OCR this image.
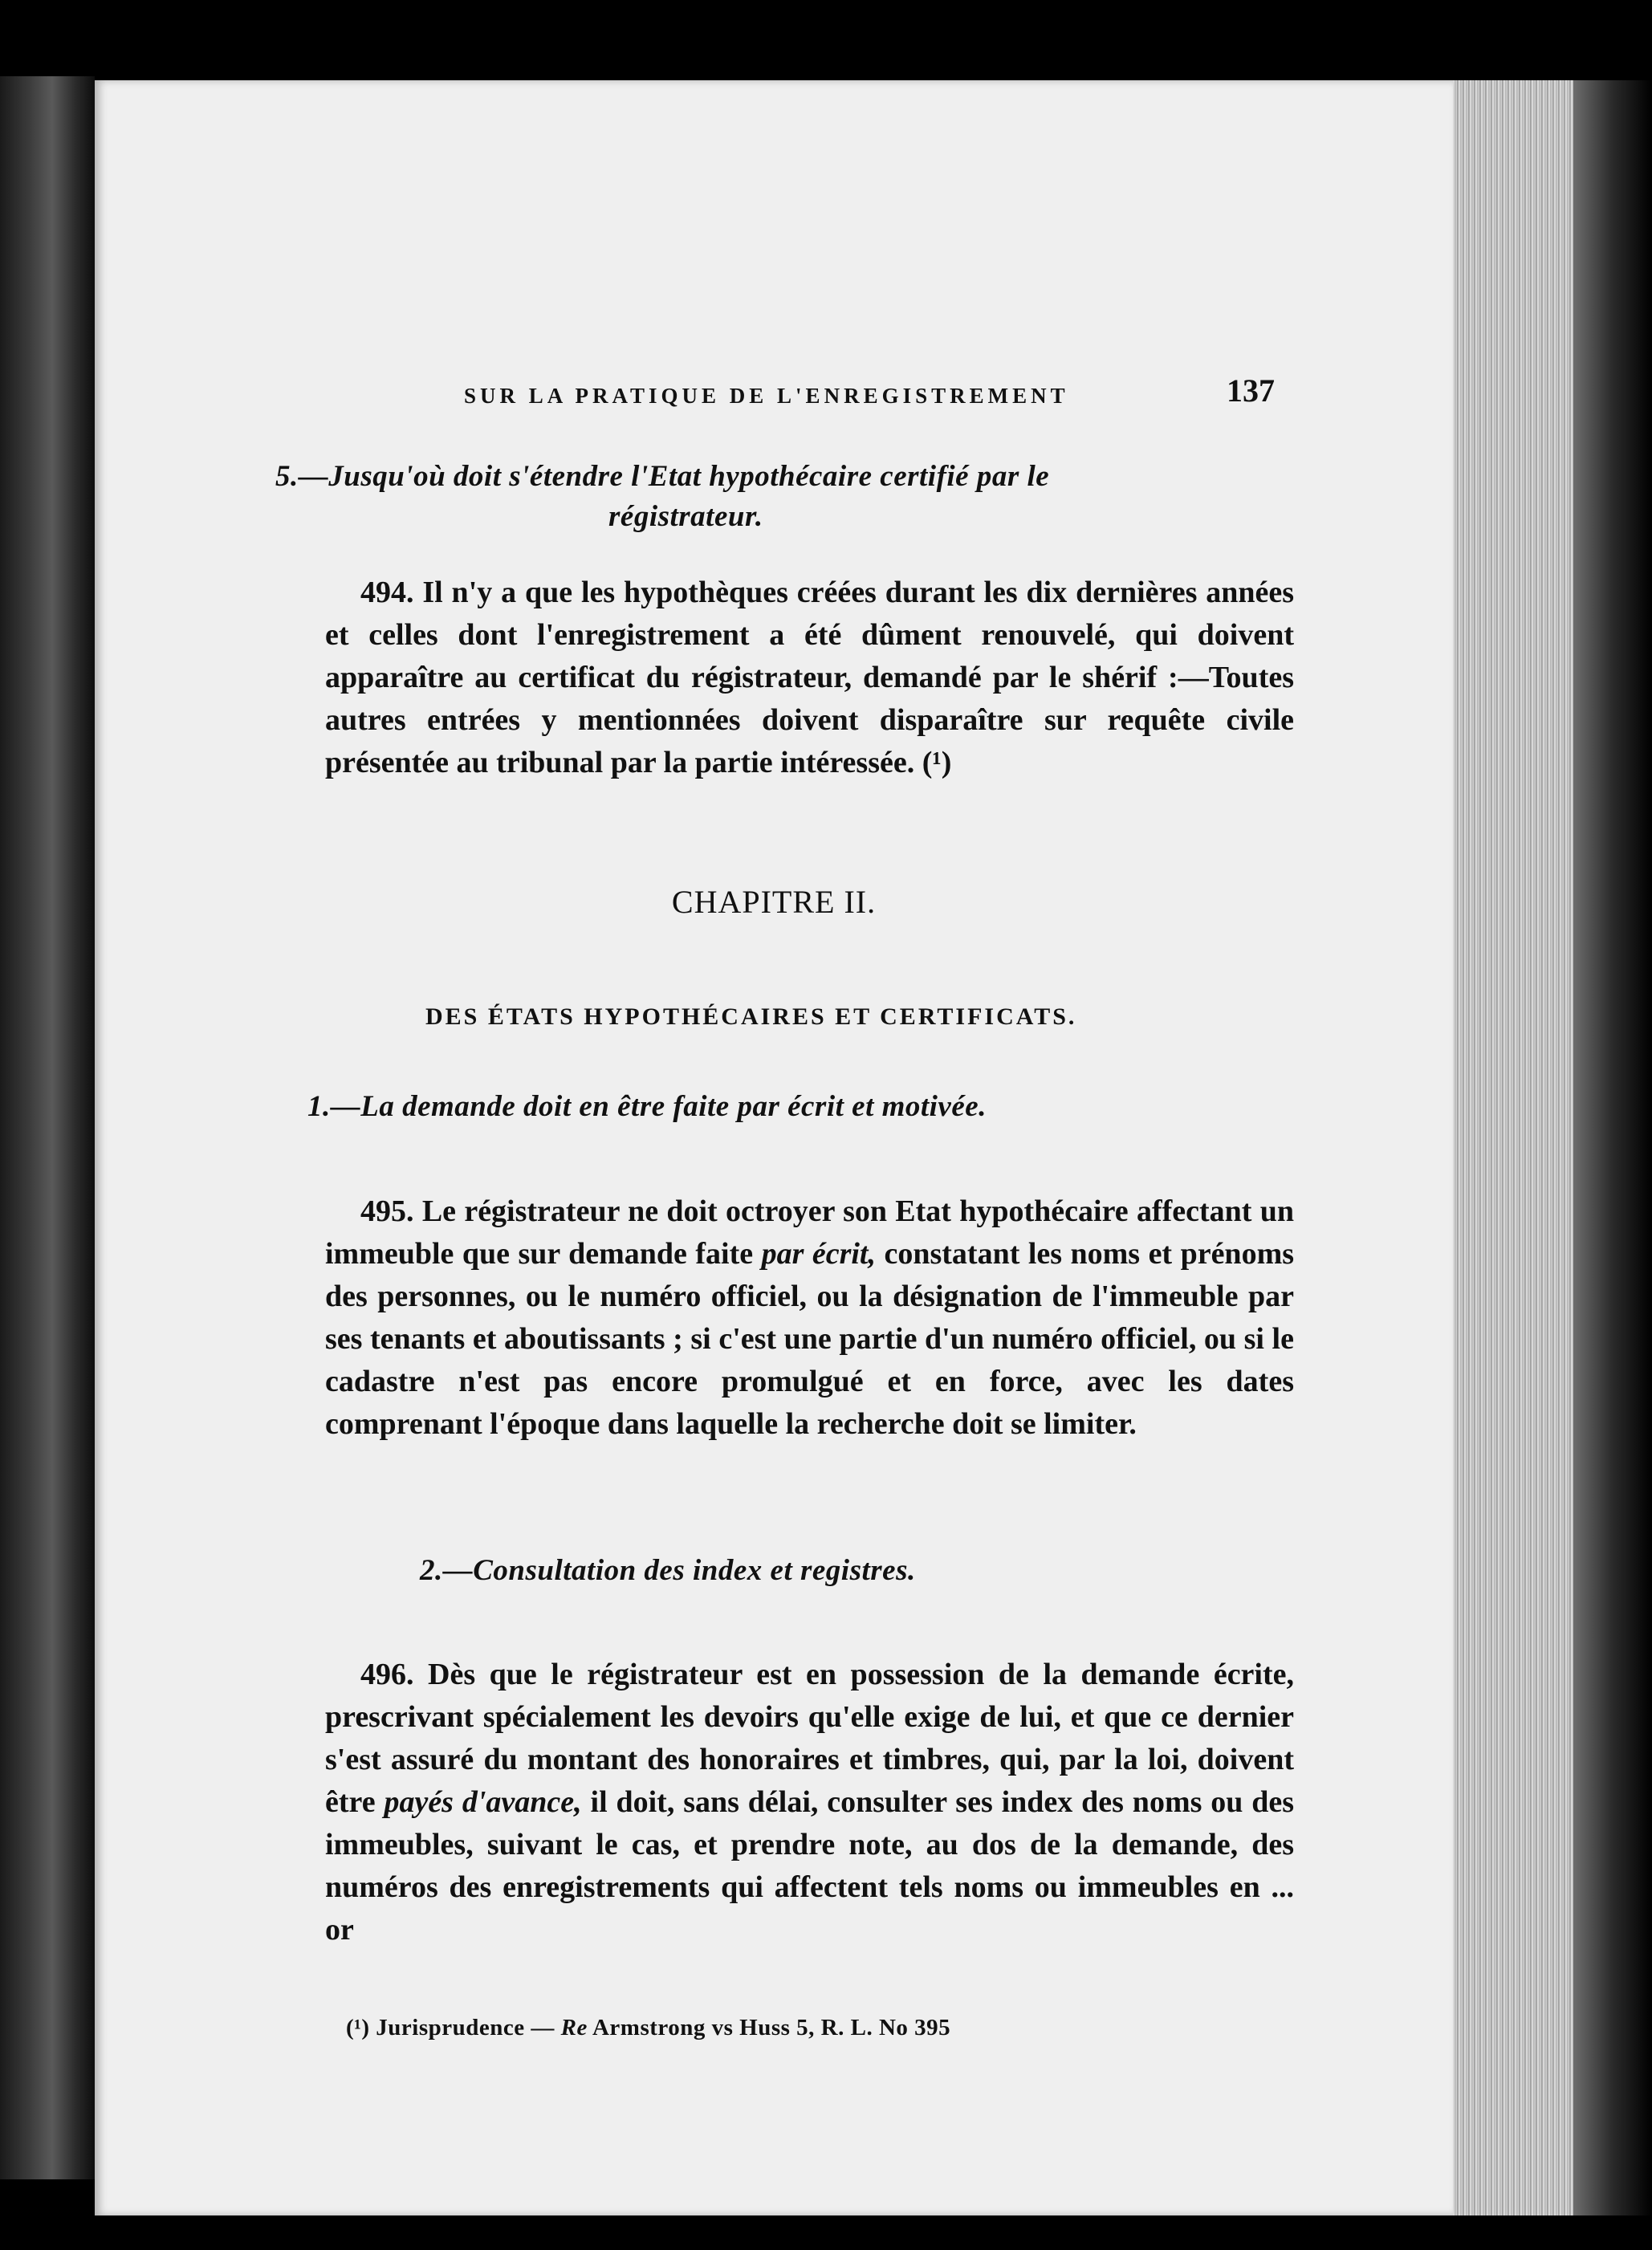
SUR LA PRATIQUE DE L'ENREGISTREMENT	137
5.—Jusqu'où doit s'étendre l'Etat hypothécaire certifié par le
régistrateur.
494. Il n'y a que les hypothèques créées durant les dix dernières années et celles dont l'enregistrement a été dûment renouvelé, qui doivent apparaître au certificat du régistrateur, demandé par le shérif :—Toutes autres entrées y mentionnées doivent disparaître sur requête civile présentée au tribunal par la partie intéressée. (¹)
CHAPITRE II.
DES ÉTATS HYPOTHÉCAIRES ET CERTIFICATS.
1.—La demande doit en être faite par écrit et motivée.
495. Le régistrateur ne doit octroyer son Etat hypothécaire affectant un immeuble que sur demande faite par écrit, constatant les noms et prénoms des personnes, ou le numéro officiel, ou la désignation de l'immeuble par ses tenants et aboutissants ; si c'est une partie d'un numéro officiel, ou si le cadastre n'est pas encore promulgué et en force, avec les dates comprenant l'époque dans laquelle la recherche doit se limiter.
2.—Consultation des index et registres.
496. Dès que le régistrateur est en possession de la demande écrite, prescrivant spécialement les devoirs qu'elle exige de lui, et que ce dernier s'est assuré du montant des honoraires et timbres, qui, par la loi, doivent être payés d'avance, il doit, sans délai, consulter ses index des noms ou des immeubles, suivant le cas, et prendre note, au dos de la demande, des numéros des enregistrements qui affectent tels noms ou immeubles en ... or
(¹) Jurisprudence — Re Armstrong vs Huss 5, R. L. No 395
